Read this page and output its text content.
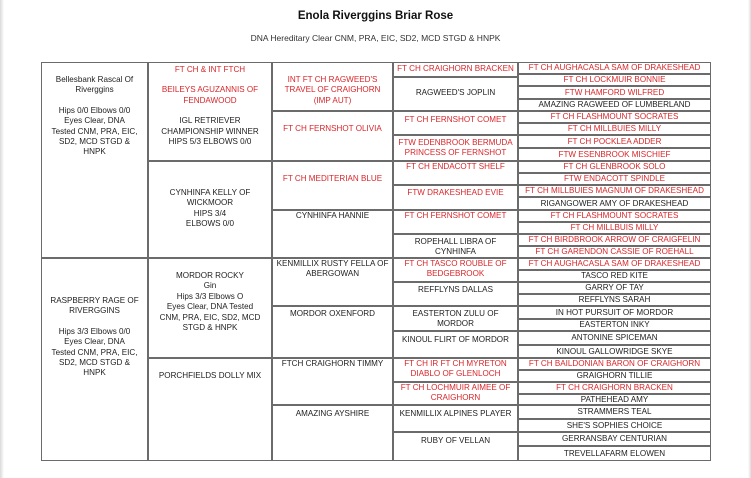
Enola Riverggins Briar Rose
DNA Hereditary Clear CNM, PRA, EIC, SD2, MCD STGD & HNPK
Bellesbank Rascal Of
Riverggins
Hips 0/0 Elbows 0/0
Eyes Clear, DNA
Tested CNM, PRA, EIC,
SD2, MCD STGD &
HNPK
RASPBERRY RAGE OF
RIVERGGINS
Hips 3/3 Elbows 0/0
Eyes Clear, DNA
Tested CNM, PRA, EIC,
SD2, MCD STGD &
HNPK
FT CH & INT FTCH
BEILEYS AGUZANNIS OF
FENDAWOOD
IGL RETRIEVER
CHAMPIONSHIP WINNER
HIPS 5/3 ELBOWS 0/0
CYNHINFA KELLY OF
WICKMOOR
HIPS 3/4
ELBOWS 0/0
MORDOR ROCKY
Gin
Hips 3/3 Elbows O
Eyes Clear, DNA Tested
CNM, PRA, EIC, SD2, MCD
STGD & HNPK
PORCHFIELDS DOLLY MIX
INT FT CH RAGWEED'S
TRAVEL OF CRAIGHORN
(IMP AUT)
FT CH FERNSHOT OLIVIA
FT CH MEDITERIAN BLUE
CYNHINFA HANNIE
KENMILLIX RUSTY FELLA OF
ABERGOWAN
MORDOR OXENFORD
FTCH CRAIGHORN TIMMY
AMAZING AYSHIRE
FT CH CRAIGHORN BRACKEN
RAGWEED'S JOPLIN
FT CH FERNSHOT COMET
FTW EDENBROOK BERMUDA
PRINCESS OF FERNSHOT
FT CH ENDACOTT SHELF
FTW DRAKESHEAD EVIE
FT CH FERNSHOT COMET
ROPEHALL LIBRA OF CYNHINFA
FT CH TASCO ROUBLE OF
BEDGEBROOK
REFFLYNS DALLAS
EASTERTON ZULU OF MORDOR
KINOUL FLIRT OF MORDOR
FT CH IR FT CH MYRETON
DIABLO OF GLENLOCH
FT CH LOCHMUIR AIMEE OF
CRAIGHORN
KENMILLIX ALPINES PLAYER
RUBY OF VELLAN
FT CH AUGHACASLA SAM OF DRAKESHEAD
FT CH LOCKMUIR BONNIE
FTW HAMFORD WILFRED
AMAZING RAGWEED OF LUMBERLAND
FT CH FLASHMOUNT SOCRATES
FT CH MILLBUIES MILLY
FT CH POCKLEA ADDER
FTW ESENBROOK MISCHIEF
FT CH GLENBROOK SOLO
FTW ENDACOTT SPINDLE
FT CH MILLBUIES MAGNUM OF DRAKESHEAD
RIGANGOWER AMY OF DRAKESHEAD
FT CH FLASHMOUNT SOCRATES
FT CH MILLBUIS MILLY
FT CH BIRDBROOK ARROW OF CRAIGFELIN
FT CH GARENDON CASSIE OF ROEHALL
FT CH AUGHACASLA SAM OF DRAKESHEAD
TASCO RED KITE
GARRY OF TAY
REFFLYNS SARAH
IN HOT PURSUIT OF MORDOR
EASTERTON INKY
ANTONINE SPICEMAN
KINOUL GALLOWRIDGE SKYE
FT CH BAILDONIAN BARON OF CRAIGHORN
GRAIGHORN TILLIE
FT CH CRAIGHORN BRACKEN
PATHEHEAD AMY
STRAMMERS TEAL
SHE'S SOPHIES CHOICE
GERRANSBAY CENTURIAN
TREVELLAFARM ELOWEN
